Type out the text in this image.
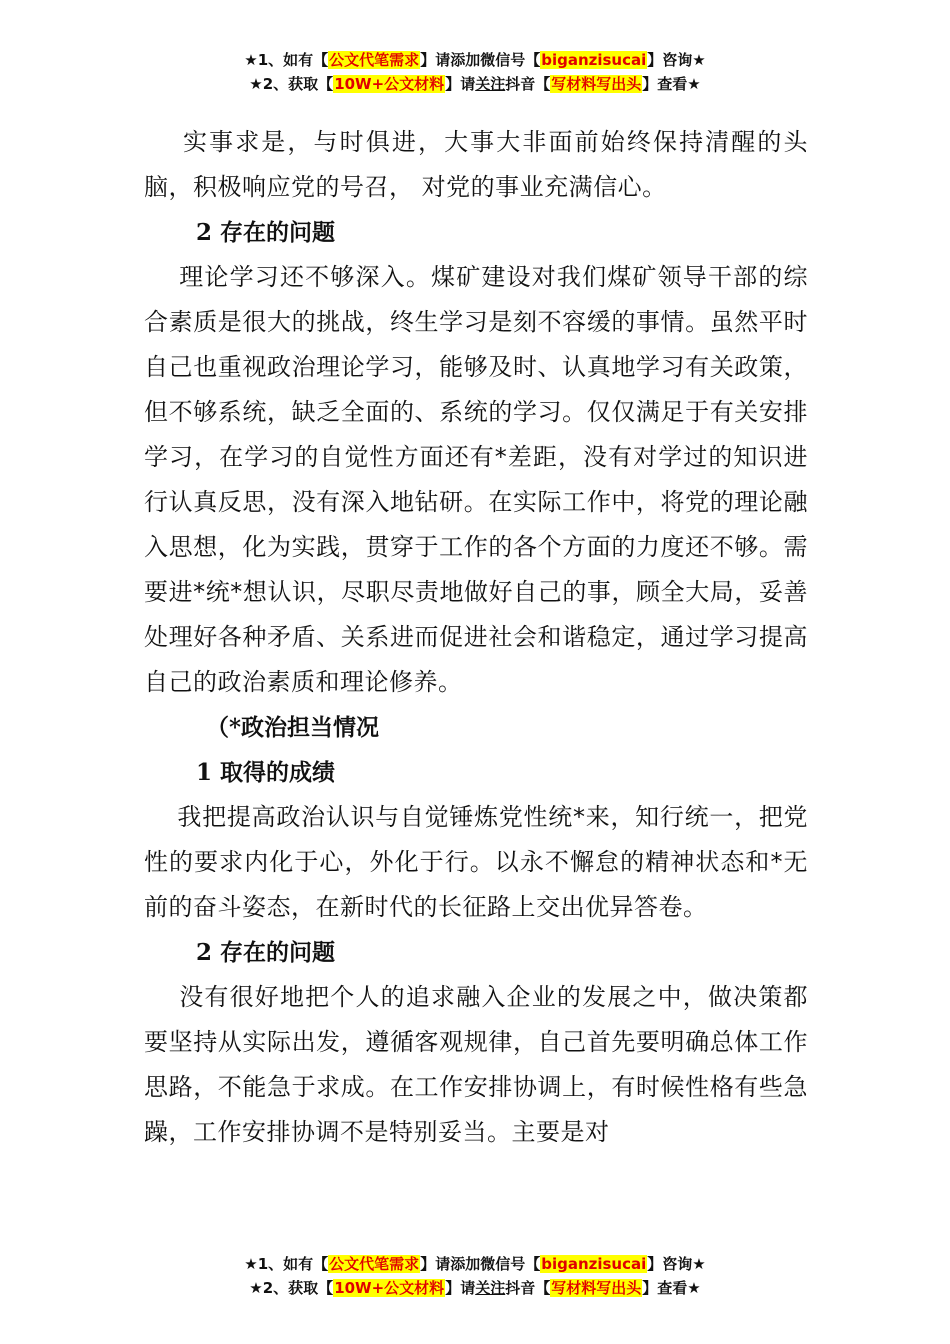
★1、如有【公文代笔需求】请添加微信号【biganzisucai】咨询★
★2、获取【10W+公文材料】请关注抖音【写材料写出头】查看★

实事求是，与时俱进，大事大非面前始终保持清醒的头脑，积极响应党的号召， 对党的事业充满信心。

2 存在的问题

理论学习还不够深入。煤矿建设对我们煤矿领导干部的综合素质是很大的挑战，终生学习是刻不容缓的事情。虽然平时自己也重视政治理论学习，能够及时、认真地学习有关政策，但不够系统，缺乏全面的、系统的学习。仅仅满足于有关安排学习，在学习的自觉性方面还有*差距，没有对学过的知识进行认真反思，没有深入地钻研。在实际工作中，将党的理论融入思想，化为实践，贯穿于工作的各个方面的力度还不够。需要进*统*想认识，尽职尽责地做好自己的事，顾全大局，妥善处理好各种矛盾、关系进而促进社会和谐稳定，通过学习提高自己的政治素质和理论修养。

（*政治担当情况

1 取得的成绩

我把提高政治认识与自觉锤炼党性统*来，知行统一，把党性的要求内化于心，外化于行。以永不懈怠的精神状态和*无前的奋斗姿态，在新时代的长征路上交出优异答卷。

2 存在的问题

没有很好地把个人的追求融入企业的发展之中，做决策都要坚持从实际出发，遵循客观规律，自己首先要明确总体工作思路，不能急于求成。在工作安排协调上，有时候性格有些急躁，工作安排协调不是特别妥当。主要是对

★1、如有【公文代笔需求】请添加微信号【biganzisucai】咨询★
★2、获取【10W+公文材料】请关注抖音【写材料写出头】查看★
